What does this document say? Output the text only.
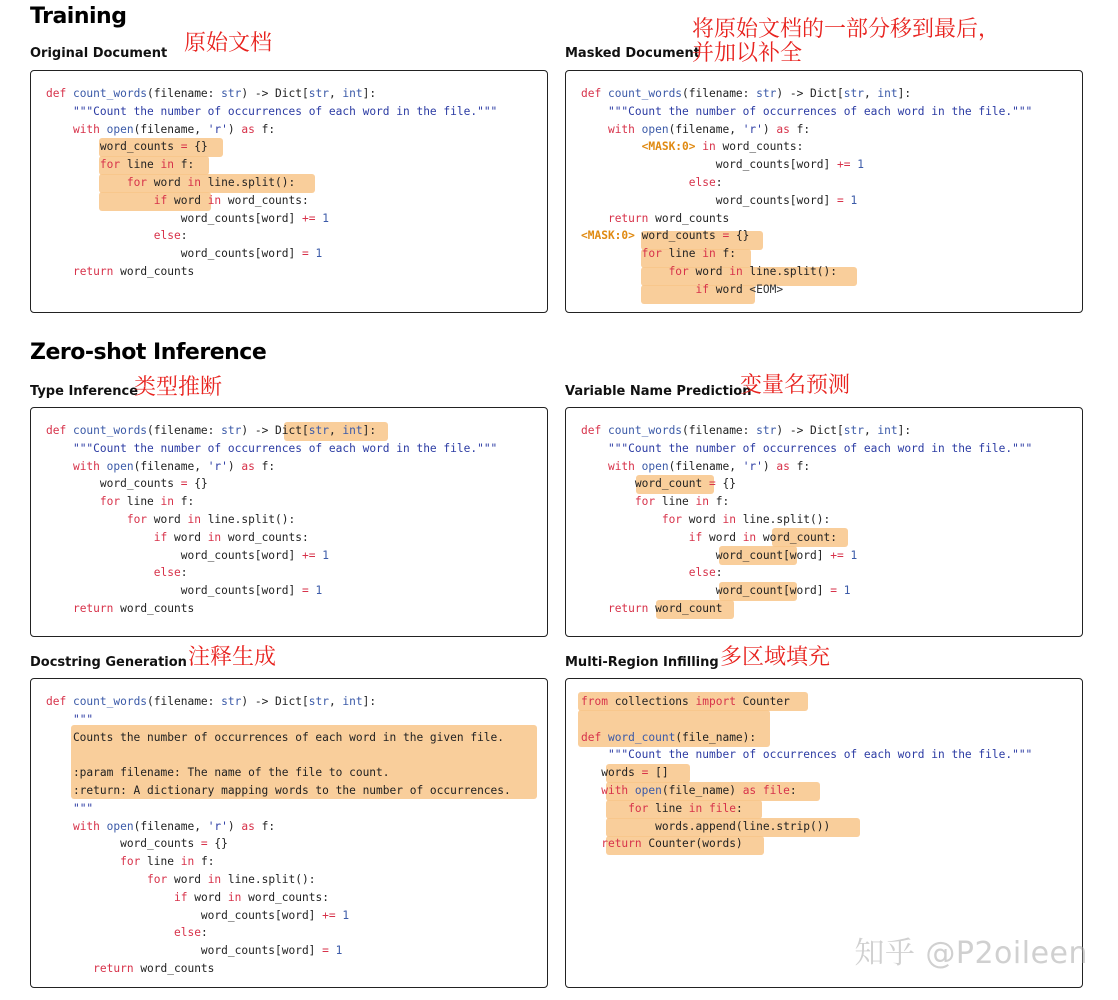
Training
Zero-shot Inference
Original Document 原始文档
def count_words(filename: str) -> Dict[str, int]:
"""Count the number of occurrences of each word in the file."""
with open(filename, 'r') as f:
word_counts = {}
for line in f:
for word in line.split():
if word in word_counts:
word_counts[word] += 1
else:
word_counts[word] = 1
return word_counts
Masked Document
将原始文档的一部分移到最后，
并加以补全
def count_words(filename: str) -> Dict[str, int]:
"""Count the number of occurrences of each word in the file."""
with open(filename, 'r') as f:
<MASK:0> in word_counts:
word_counts[word] += 1
else:
word_counts[word] = 1
return word_counts
<MASK:0> word_counts = {}
for line in f:
for word in line.split():
if word <EOM>
Type Inference
类型推断
def count_words(filename: str) -> Dict[str, int]:
"""Count the number of occurrences of each word in the file."""
with open(filename, 'r') as f:
word_counts = {}
for line in f:
for word in line.split():
if word in word_counts:
word_counts[word] += 1
else:
word_counts[word] = 1
return word_counts
Variable Name Prediction
变量名预测
def count_words(filename: str) -> Dict[str, int]:
"""Count the number of occurrences of each word in the file."""
with open(filename, 'r') as f:
word_count = {}
for line in f:
for word in line.split():
if word in word_count:
word_count[word] += 1
else:
word_count[word] = 1
return word_count
Docstring Generation 注释生成
def count_words(filename: str) -> Dict[str, int]:
"""
Counts the number of occurrences of each word in the given file.

:param filename: The name of the file to count.
:return: A dictionary mapping words to the number of occurrences.
"""
with open(filename, 'r') as f:
word_counts = {}
for line in f:
for word in line.split():
if word in word_counts:
word_counts[word] += 1
else:
word_counts[word] = 1
return word_counts
Multi-Region Infilling 多区域填充
from collections import Counter

def word_count(file_name):
"""Count the number of occurrences of each word in the file."""
words = []
with open(file_name) as file:
for line in file:
words.append(line.strip())
return Counter(words)
知乎 @P2oileen
